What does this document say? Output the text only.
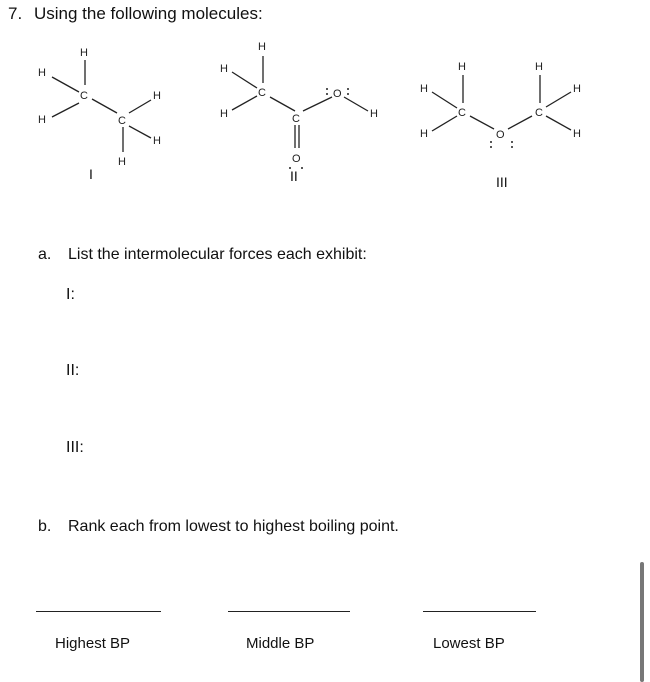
7. Using the following molecules:
H
H
H
C
C
H
H
H
H
H
H
C
C
O
H
O
H
H
H
C
O
C
H
H
H
I	II	III
a. List the intermolecular forces each exhibit:
I:
II:
III:
b. Rank each from lowest to highest boiling point.
Highest BP	Middle BP	Lowest BP
